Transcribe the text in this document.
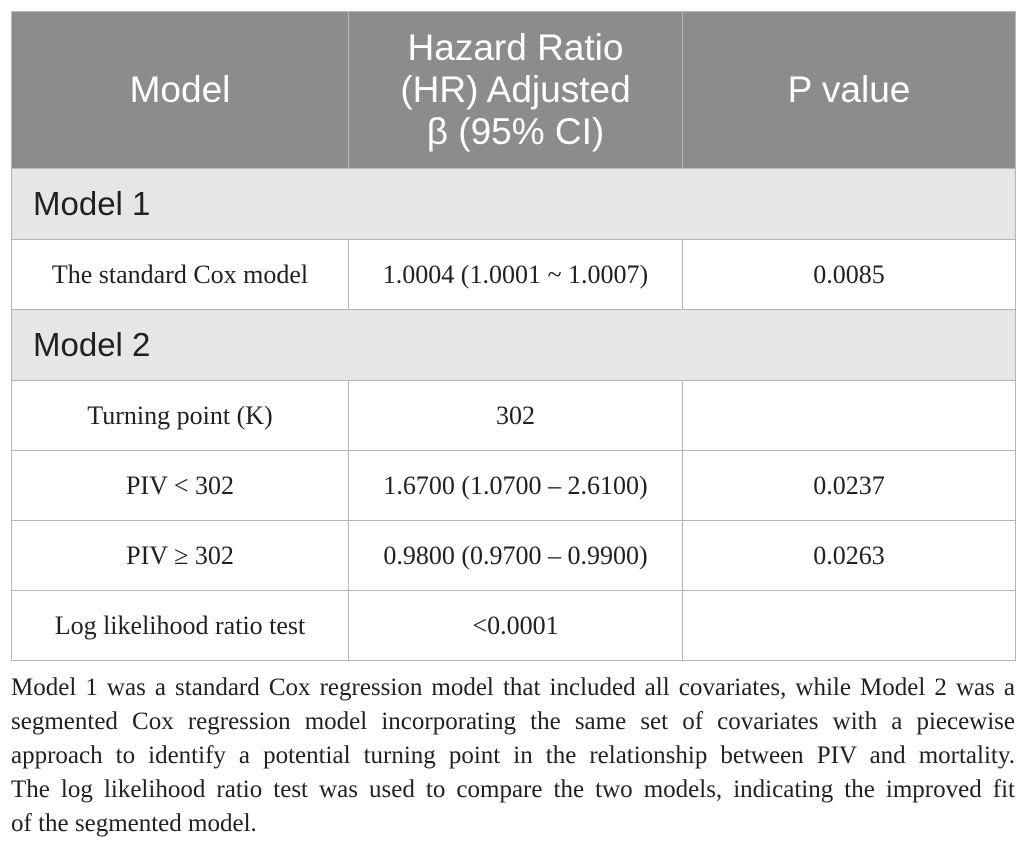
Model	Hazard Ratio (HR) Adjusted β (95% CI)	P value
Model 1		
The standard Cox model	1.0004 (1.0001 ~ 1.0007)	0.0085
Model 2		
Turning point (K)	302	
PIV < 302	1.6700 (1.0700 – 2.6100)	0.0237
PIV ≥ 302	0.9800 (0.9700 – 0.9900)	0.0263
Log likelihood ratio test	<0.0001	
Model 1 was a standard Cox regression model that included all covariates, while Model 2 was a
segmented Cox regression model incorporating the same set of covariates with a piecewise
approach to identify a potential turning point in the relationship between PIV and mortality.
The log likelihood ratio test was used to compare the two models, indicating the improved fit
of the segmented model.
